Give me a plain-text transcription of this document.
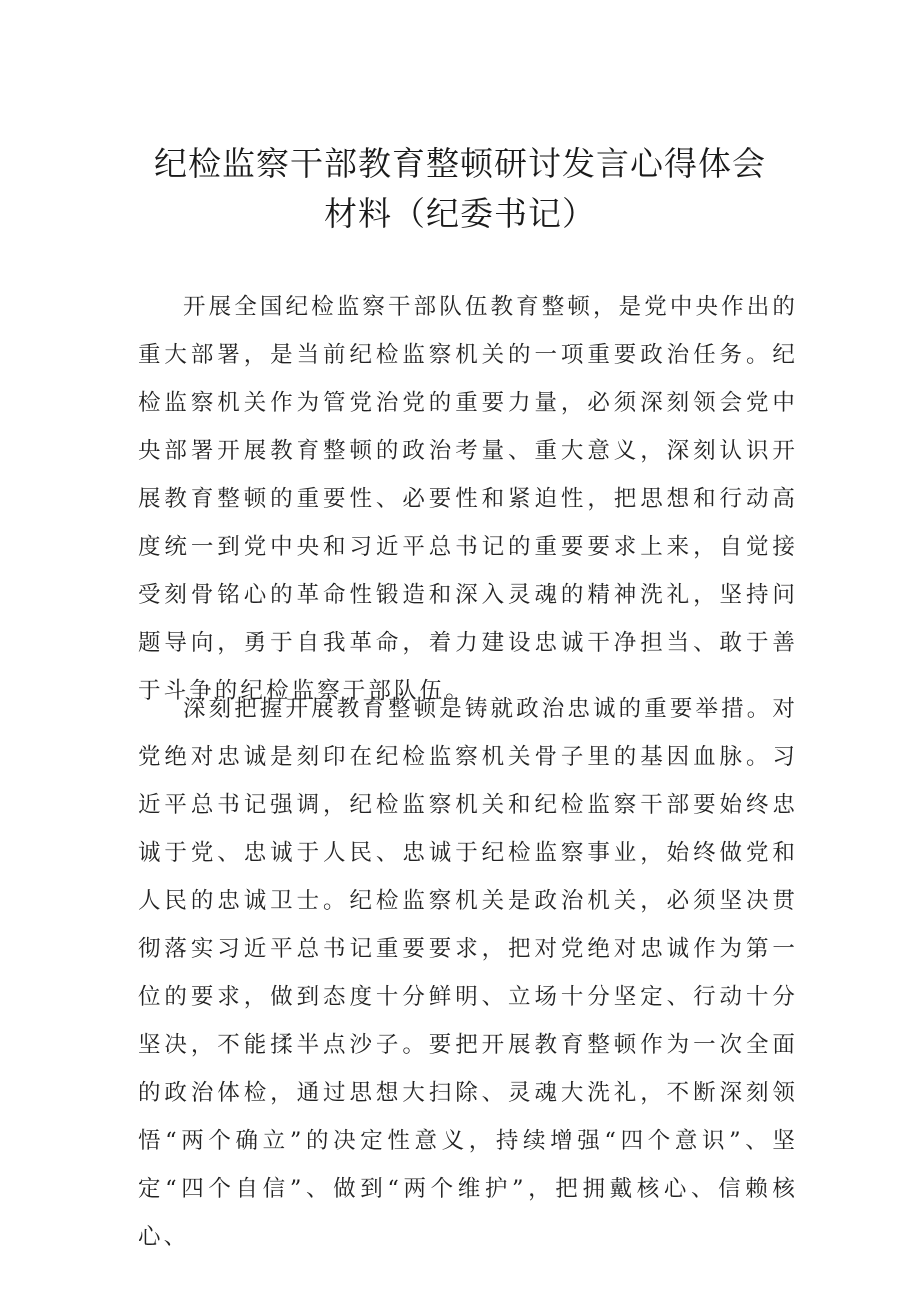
纪检监察干部教育整顿研讨发言心得体会
材料（纪委书记）

开展全国纪检监察干部队伍教育整顿，是党中央作出的重大部署，是当前纪检监察机关的一项重要政治任务。纪检监察机关作为管党治党的重要力量，必须深刻领会党中央部署开展教育整顿的政治考量、重大意义，深刻认识开展教育整顿的重要性、必要性和紧迫性，把思想和行动高度统一到党中央和习近平总书记的重要要求上来，自觉接受刻骨铭心的革命性锻造和深入灵魂的精神洗礼，坚持问题导向，勇于自我革命，着力建设忠诚干净担当、敢于善于斗争的纪检监察干部队伍。

深刻把握开展教育整顿是铸就政治忠诚的重要举措。对党绝对忠诚是刻印在纪检监察机关骨子里的基因血脉。习近平总书记强调，纪检监察机关和纪检监察干部要始终忠诚于党、忠诚于人民、忠诚于纪检监察事业，始终做党和人民的忠诚卫士。纪检监察机关是政治机关，必须坚决贯彻落实习近平总书记重要要求，把对党绝对忠诚作为第一位的要求，做到态度十分鲜明、立场十分坚定、行动十分坚决，不能揉半点沙子。要把开展教育整顿作为一次全面的政治体检，通过思想大扫除、灵魂大洗礼，不断深刻领悟“两个确立”的决定性意义，持续增强“四个意识”、坚定“四个自信”、做到“两个维护”，把拥戴核心、信赖核心、
